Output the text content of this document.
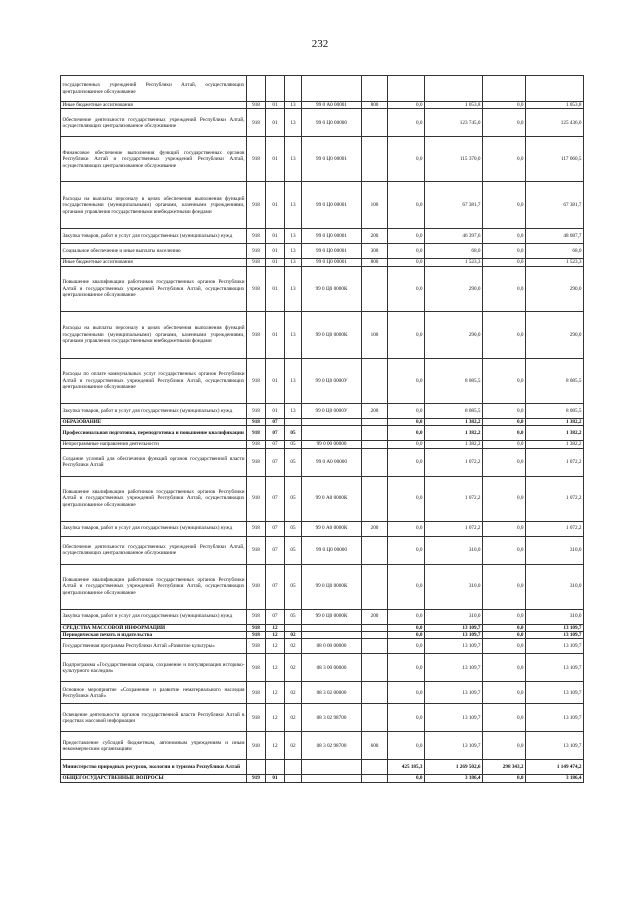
232
государственных учреждений Республики Алтай, осуществляющих централизованное обслуживание									
Иные бюджетные ассигнования	918	01	13	99 0 А0 00001	800	0,0	1 053,8	0,0	1 053,8
Обеспечение деятельности государственных учреждений Республики Алтай, осуществляющих централизованное обслуживание	918	01	13	99 0 Ц0 00000		0,0	123 745,0	0,0	125 436,0
Финансовое обеспечение выполнения функций государственных органов Республики Алтай и государственных учреждений Республики Алтай, осуществляющих централизованное обслуживание	918	01	13	99 0 Ц0 00001		0,0	115 370,0	0,0	117 060,5
Расходы на выплаты персоналу в целях обеспечения выполнения функций государственными (муниципальными) органами, казенными учреждениями, органами управления государственными внебюджетными фондами	918	01	13	99 0 Ц0 00001	100	0,0	67 381,7	0,0	67 381,7
Закупка товаров, работ и услуг для государственных (муниципальных) нужд	918	01	13	99 0 Ц0 00001	200	0,0	46 397,6	0,0	48 087,7
Социальное обеспечение и иные выплаты населению	918	01	13	99 0 Ц0 00001	300	0,0	68,0	0,0	68,0
Иные бюджетные ассигнования	918	01	13	99 0 Ц0 00001	800	0,0	1 523,3	0,0	1 523,3
Повышение квалификации работников государственных органов Республики Алтай и государственных учреждений Республики Алтай, осуществляющих централизованное обслуживание	918	01	13	99 0 Ц0 0000К		0,0	290,0	0,0	290,0
Расходы на выплаты персоналу в целях обеспечения выполнения функций государственными (муниципальными) органами, казенными учреждениями, органами управления государственными внебюджетными фондами	918	01	13	99 0 Ц0 0000К	100	0,0	290,0	0,0	290,0
Расходы по оплате коммунальных услуг государственных органов Республики Алтай и государственных учреждений Республики Алтай, осуществляющих централизованное обслуживание	918	01	13	99 0 Ц0 0000У		0,0	8 085,5	0,0	8 085,5
Закупка товаров, работ и услуг для государственных (муниципальных) нужд	918	01	13	99 0 Ц0 0000У	200	0,0	8 085,5	0,0	8 085,5
ОБРАЗОВАНИЕ	918	07				0,0	1 382,2	0,0	1 382,2
Профессиональная подготовка, переподготовка и повышение квалификации	918	07	05			0,0	1 382,2	0,0	1 382,2
Непрограммные направления деятельности	918	07	05	99 0 00 00000		0,0	1 382,2	0,0	1 382,2
Создание условий для обеспечения функций органов государственной власти Республики Алтай	918	07	05	99 0 А0 00000		0,0	1 072,2	0,0	1 072,2
Повышение квалификации работников государственных органов Республики Алтай и государственных учреждений Республики Алтай, осуществляющих централизованное обслуживание	918	07	05	99 0 А0 0000К		0,0	1 072,2	0,0	1 072,2
Закупка товаров, работ и услуг для государственных (муниципальных) нужд	918	07	05	99 0 А0 0000К	200	0,0	1 072,2	0,0	1 072,2
Обеспечение деятельности государственных учреждений Республики Алтай, осуществляющих централизованное обслуживание	918	07	05	99 0 Ц0 00000		0,0	310,0	0,0	310,0
Повышение квалификации работников государственных органов Республики Алтай и государственных учреждений Республики Алтай, осуществляющих централизованное обслуживание	918	07	05	99 0 Ц0 0000К		0,0	310,0	0,0	310,0
Закупка товаров, работ и услуг для государственных (муниципальных) нужд	918	07	05	99 0 Ц0 0000К	200	0,0	310,0	0,0	310,0
СРЕДСТВА МАССОВОЙ ИНФОРМАЦИИ	918	12				0,0	13 109,7	0,0	13 109,7
Периодическая печать и издательства	918	12	02			0,0	13 109,7	0,0	13 109,7
Государственная программа Республики Алтай «Развитие культуры»	918	12	02	08 0 00 00000		0,0	13 109,7	0,0	13 109,7
Подпрограмма «Государственная охрана, сохранение и популяризация историко-культурного наследия»	918	12	02	08 3 00 00000		0,0	13 109,7	0,0	13 109,7
Основное мероприятие «Сохранение и развитие нематериального наследия Республики Алтай»	918	12	02	08 3 02 00000		0,0	13 109,7	0,0	13 109,7
Освещение деятельности органов государственной власти Республики Алтай в средствах массовой информации	918	12	02	08 3 02 98700		0,0	13 109,7	0,0	13 109,7
Предоставление субсидий бюджетным, автономным учреждениям и иным некоммерческим организациям	918	12	02	08 3 02 98700	600	0,0	13 109,7	0,0	13 109,7
Министерство природных ресурсов, экологии и туризма Республики Алтай						425 185,3	1 269 502,6	298 343,2	1 149 474,2
ОБЩЕГОСУДАРСТВЕННЫЕ ВОПРОСЫ	919	01				0,0	3 186,4	0,0	3 186,4
